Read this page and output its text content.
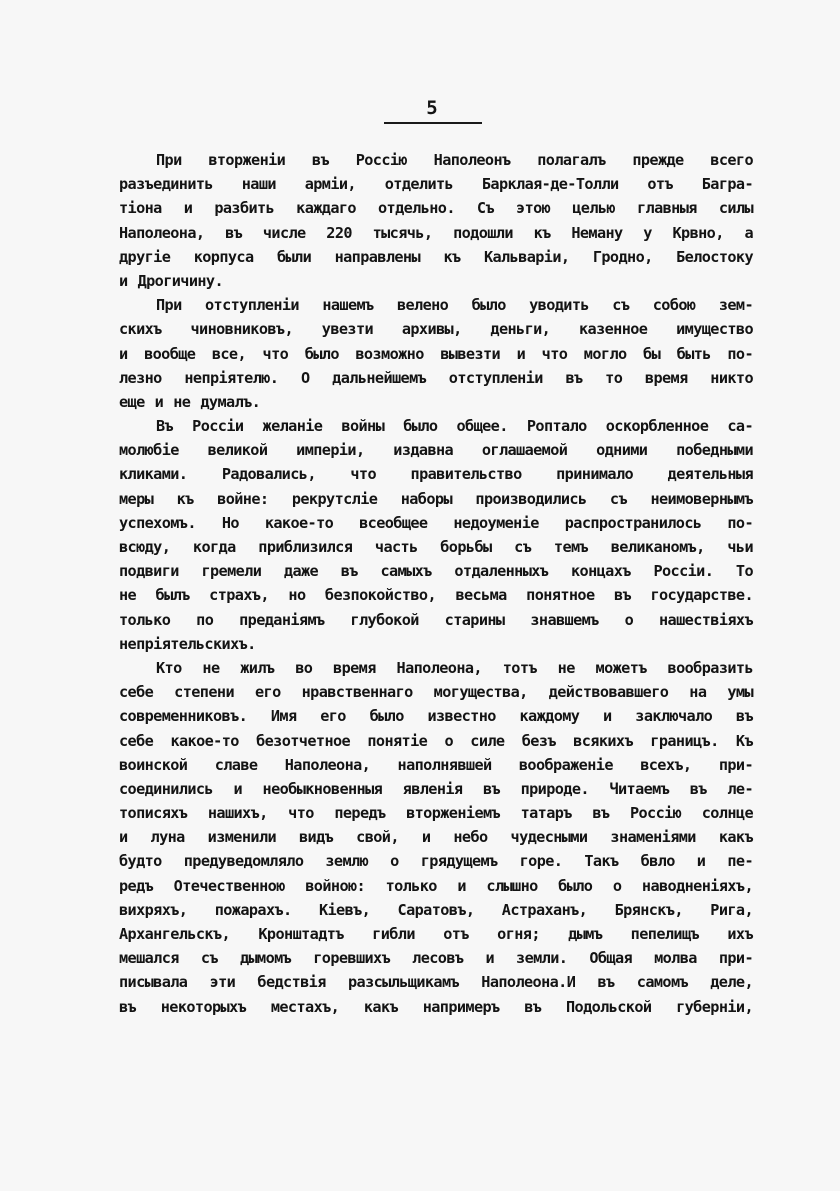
5
При вторженіи въ Россію Наполеонъ полагалъ прежде всего
разъединить наши арміи, отделить Барклая-де-Толли отъ Багра-
тіона и разбить каждаго отдельно. Съ этою целью главныя силы
Наполеона, въ числе 220 тысячь, подошли къ Неману у Крвно, а
другіе корпуса были направлены къ Кальваріи, Гродно, Белостоку
и Дрогичину.
При отступленіи нашемъ велено было уводить съ собою зем-
скихъ чиновниковъ, увезти архивы, деньги, казенное имущество
и вообще все, что было возможно вывезти и что могло бы быть по-
лезно непріятелю. О дальнейшемъ отступленіи въ то время никто
еще и не думалъ.
Въ Россіи желаніе войны было общее. Роптало оскорбленное са-
молюбіе великой имперіи, издавна оглашаемой одними победными
кликами. Радовались, что правительство принимало деятельныя
меры къ войне: рекрутсліе наборы производились съ неимовернымъ
успехомъ. Но какое-то всеобщее недоуменіе распространилось по-
всюду, когда приблизился часть борьбы съ темъ великаномъ, чьи
подвиги гремели даже въ самыхъ отдаленныхъ концахъ Россіи. То
не былъ страхъ, но безпокойство, весьма понятное въ государстве.
только по преданіямъ глубокой старины знавшемъ о нашествіяхъ
непріятельскихъ.
Кто не жилъ во время Наполеона, тотъ не можетъ вообразить
себе степени его нравственнаго могущества, действовавшего на умы
современниковъ. Имя его было известно каждому и заключало въ
себе какое-то безотчетное понятіе о силе безъ всякихъ границъ. Къ
воинской славе Наполеона, наполнявшей воображеніе всехъ, при-
соединились и необыкновенныя явленія въ природе. Читаемъ въ ле-
тописяхъ нашихъ, что передъ вторженіемъ татаръ въ Россію солнце
и луна изменили видъ свой, и небо чудесными знаменіями какъ
будто предуведомляло землю о грядущемъ горе. Такъ бвло и пе-
редъ Отечественною войною: только и слышно было о наводненіяхъ,
вихряхъ, пожарахъ. Кіевъ, Саратовъ, Астраханъ, Брянскъ, Рига,
Архангельскъ, Кронштадтъ гибли отъ огня; дымъ пепелищъ ихъ
мешался съ дымомъ горевшихъ лесовъ и земли. Общая молва при-
писывала эти бедствія разсыльщикамъ Наполеона.И въ самомъ деле,
въ некоторыхъ местахъ, какъ напримеръ въ Подольской губерніи,
